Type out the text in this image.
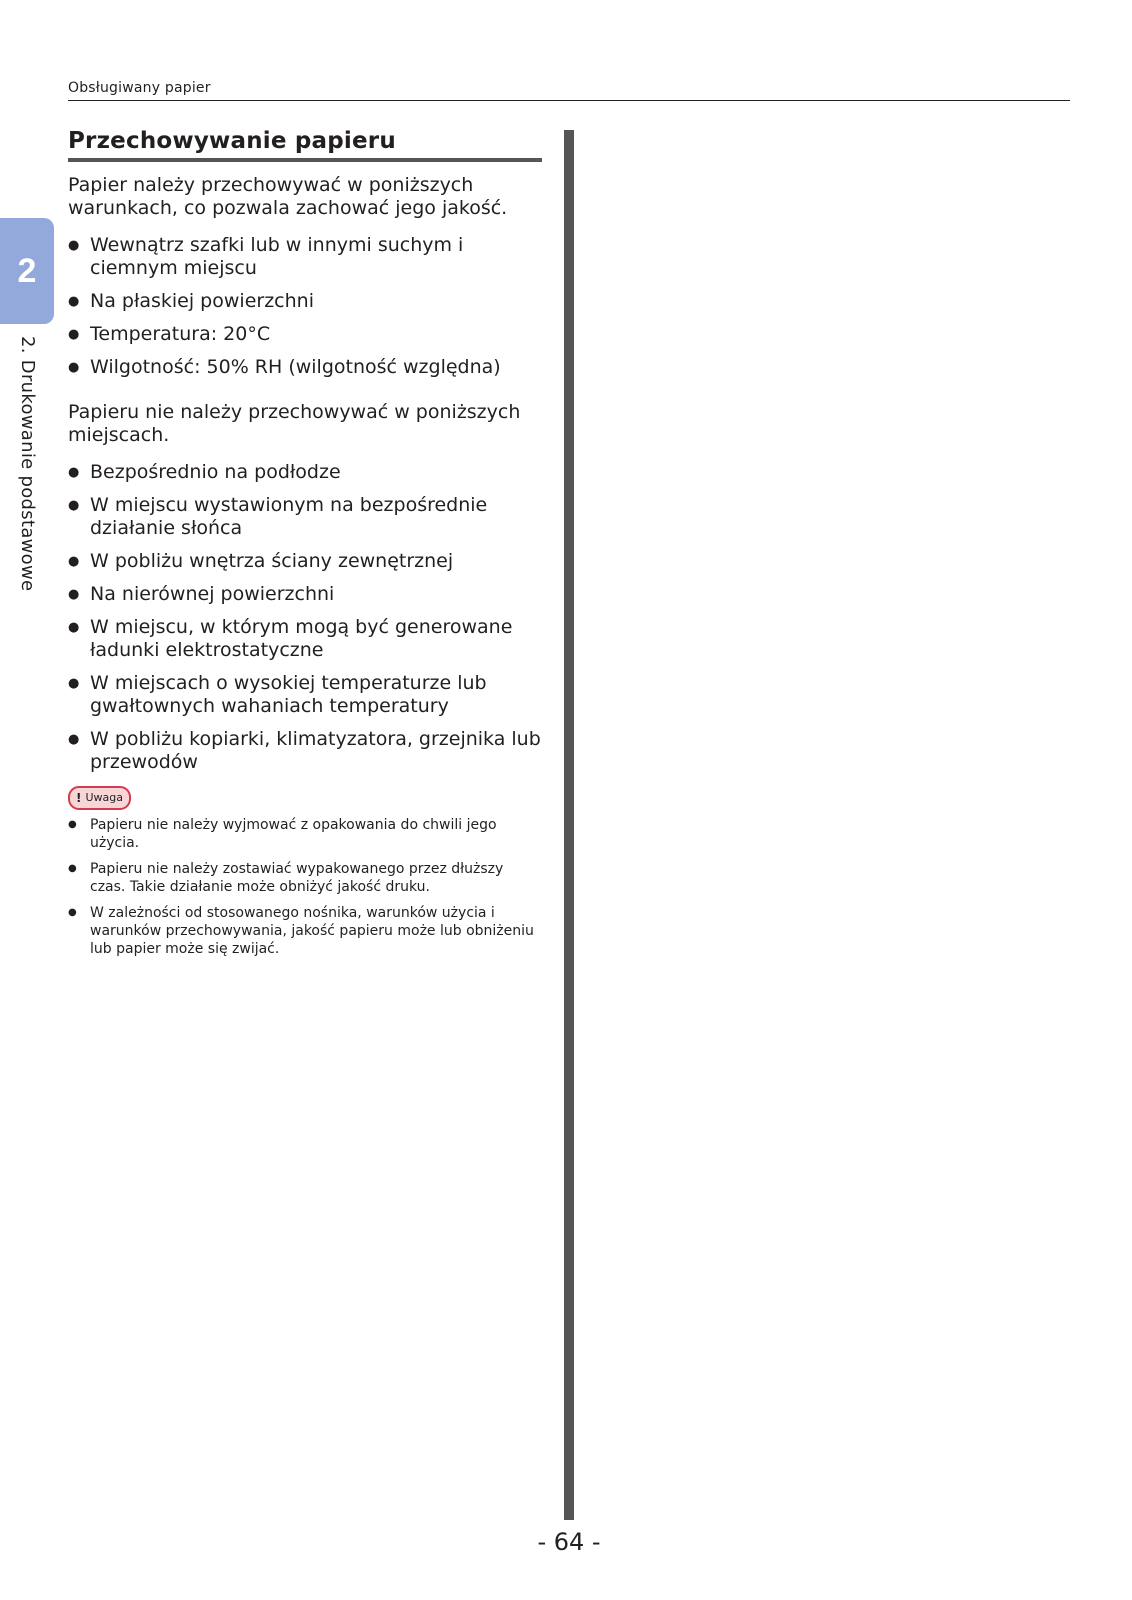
Obsługiwany papier
2
2. Drukowanie podstawowe
Przechowywanie papieru

Papier należy przechowywać w poniższych warunkach, co pozwala zachować jego jakość.

● Wewnątrz szafki lub w innymi suchym i ciemnym miejscu
● Na płaskiej powierzchni
● Temperatura: 20°C
● Wilgotność: 50% RH (wilgotność względna)

Papieru nie należy przechowywać w poniższych miejscach.

● Bezpośrednio na podłodze
● W miejscu wystawionym na bezpośrednie działanie słońca
● W pobliżu wnętrza ściany zewnętrznej
● Na nierównej powierzchni
● W miejscu, w którym mogą być generowane ładunki elektrostatyczne
● W miejscach o wysokiej temperaturze lub gwałtownych wahaniach temperatury
● W pobliżu kopiarki, klimatyzatora, grzejnika lub przewodów
! Uwaga
● Papieru nie należy wyjmować z opakowania do chwili jego użycia.
● Papieru nie należy zostawiać wypakowanego przez dłuższy czas. Takie działanie może obniżyć jakość druku.
● W zależności od stosowanego nośnika, warunków użycia i warunków przechowywania, jakość papieru może lub obniżeniu lub papier może się zwijać.
- 64 -
